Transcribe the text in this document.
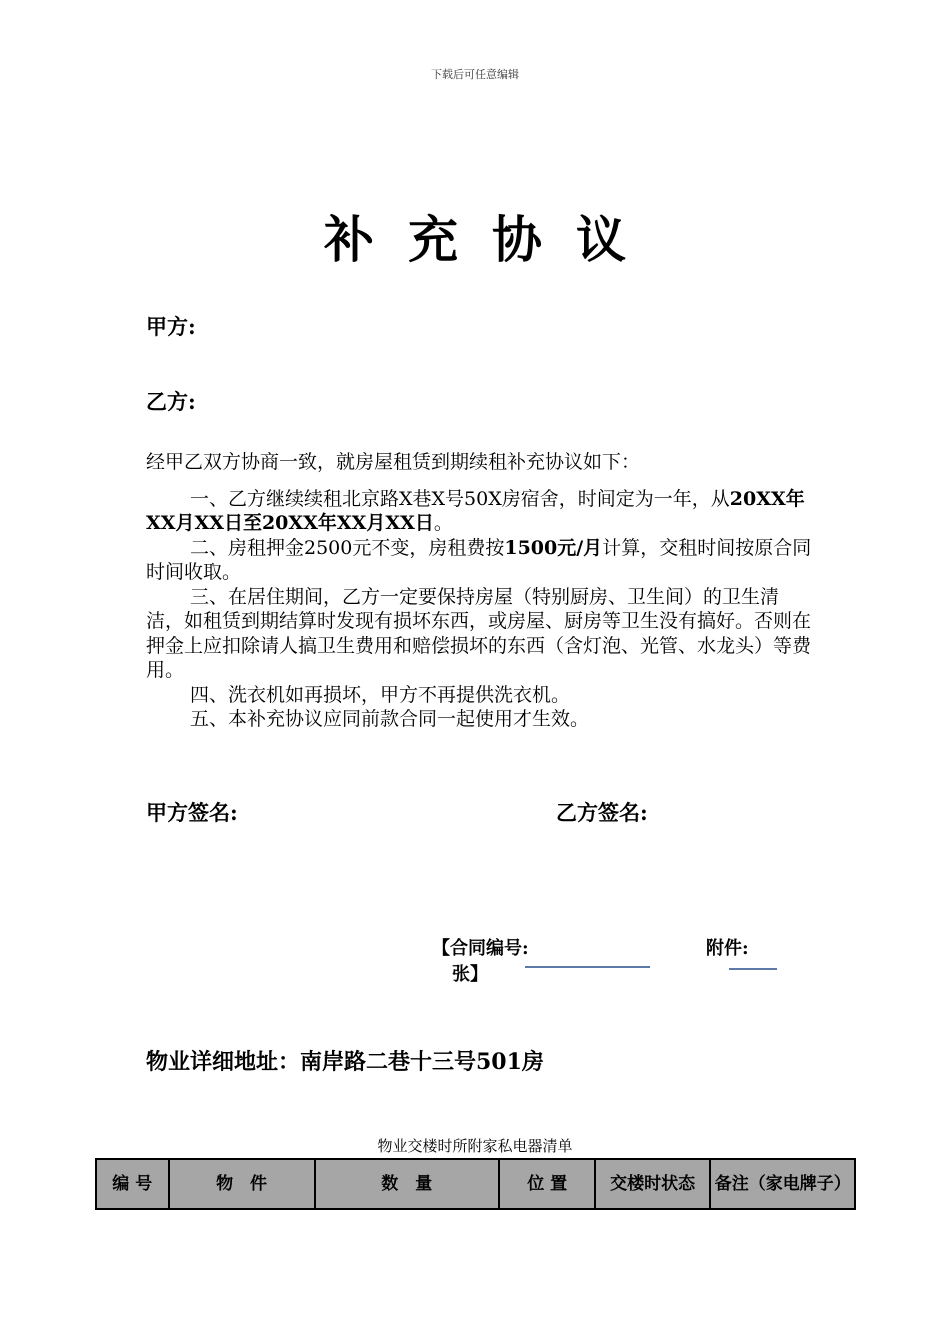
下载后可任意编辑
补充协议
甲方:
乙方:

经甲乙双方协商一致，就房屋租赁到期续租补充协议如下：

一、乙方继续续租北京路X巷X号50X房宿舍，时间定为一年，从20XX年XX月XX日至20XX年XX月XX日。

二、房租押金2500元不变，房租费按1500元/月计算，交租时间按原合同时间收取。

三、在居住期间，乙方一定要保持房屋（特别厨房、卫生间）的卫生清洁，如租赁到期结算时发现有损坏东西，或房屋、厨房等卫生没有搞好。否则在押金上应扣除请人搞卫生费用和赔偿损坏的东西（含灯泡、光管、水龙头）等费用。

四、洗衣机如再损坏，甲方不再提供洗衣机。

五、本补充协议应同前款合同一起使用才生效。

甲方签名:	乙方签名:
【合同编号:	附件:
张】
物业详细地址：南岸路二巷十三号501房
物业交楼时所附家私电器清单
编 号	物　件	数　量	位 置	交楼时状态	备注（家电牌子）
